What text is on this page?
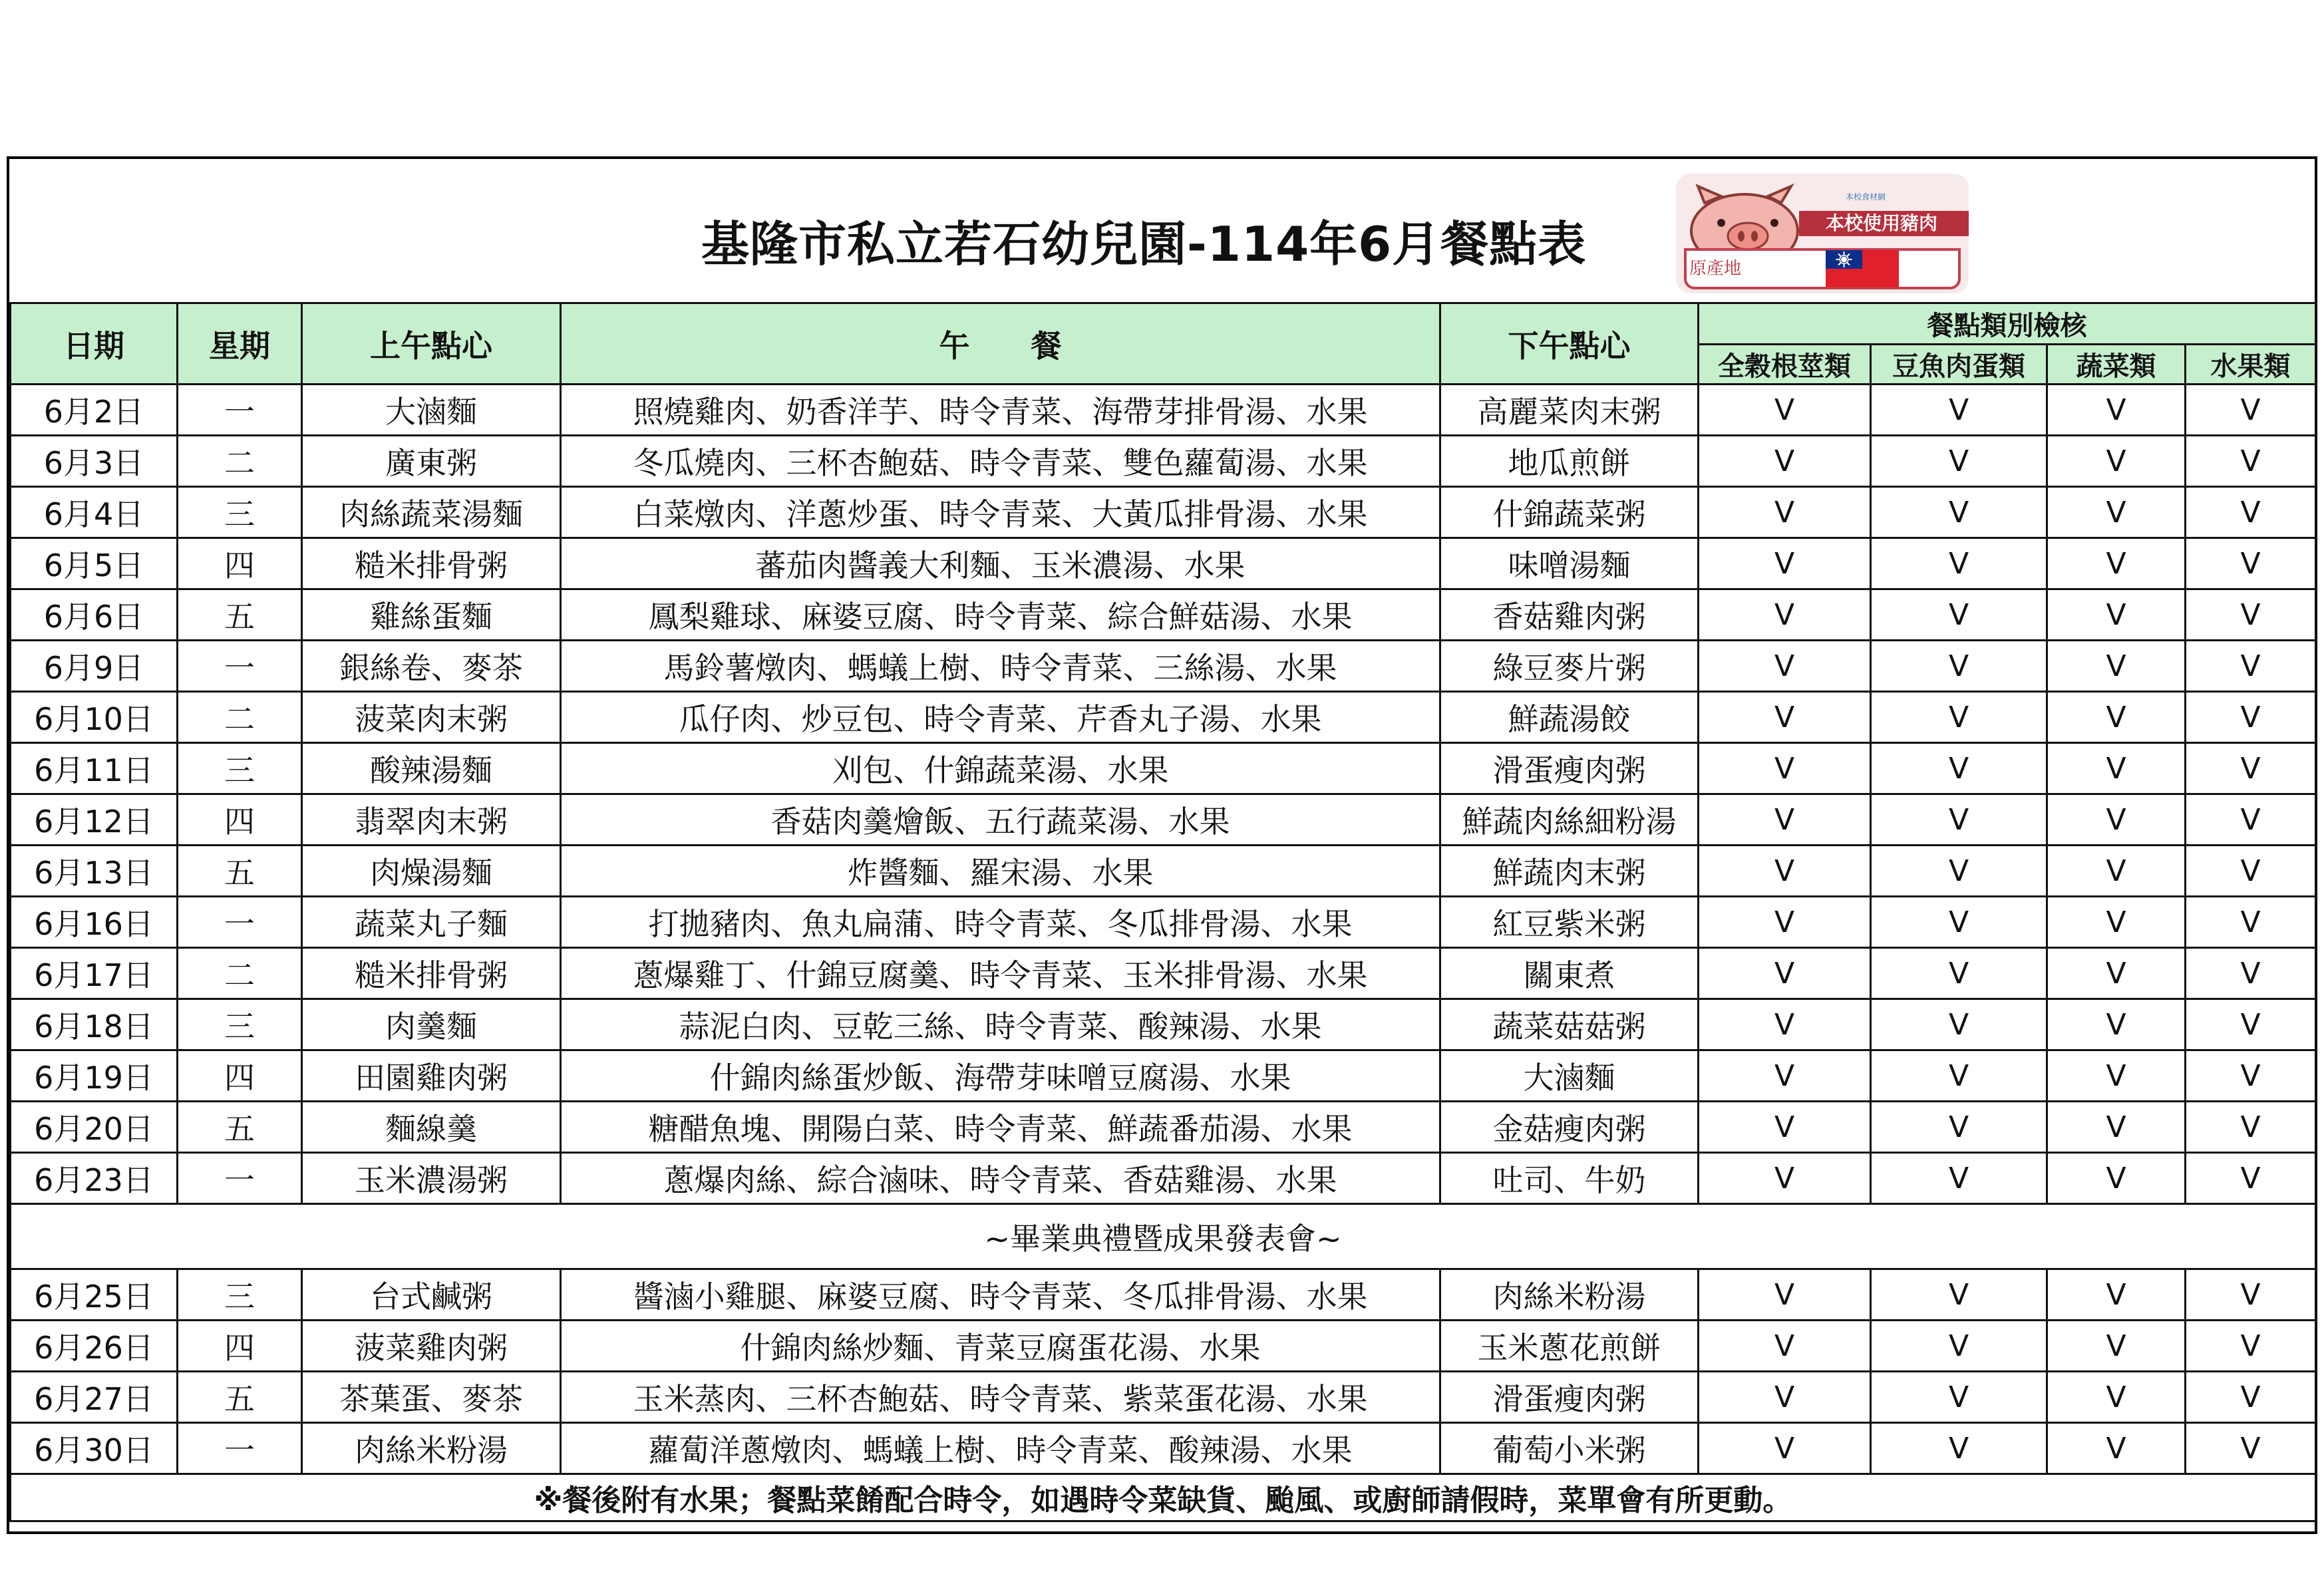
基隆市私立若石幼兒園-114年6月餐點表
本校食材網
本校使用豬肉
原產地
日期	星期	上午點心	午　　餐	下午點心	餐點類別檢核			
					全穀根莖類	豆魚肉蛋類	蔬菜類	水果類
6月2日	一	大滷麵	照燒雞肉、奶香洋芋、時令青菜、海帶芽排骨湯、水果	高麗菜肉末粥	V	V	V	V
6月3日	二	廣東粥	冬瓜燒肉、三杯杏鮑菇、時令青菜、雙色蘿蔔湯、水果	地瓜煎餅	V	V	V	V
6月4日	三	肉絲蔬菜湯麵	白菜燉肉、洋蔥炒蛋、時令青菜、大黃瓜排骨湯、水果	什錦蔬菜粥	V	V	V	V
6月5日	四	糙米排骨粥	蕃茄肉醬義大利麵、玉米濃湯、水果	味噌湯麵	V	V	V	V
6月6日	五	雞絲蛋麵	鳳梨雞球、麻婆豆腐、時令青菜、綜合鮮菇湯、水果	香菇雞肉粥	V	V	V	V
6月9日	一	銀絲卷、麥茶	馬鈴薯燉肉、螞蟻上樹、時令青菜、三絲湯、水果	綠豆麥片粥	V	V	V	V
6月10日	二	菠菜肉末粥	瓜仔肉、炒豆包、時令青菜、芹香丸子湯、水果	鮮蔬湯餃	V	V	V	V
6月11日	三	酸辣湯麵	刈包、什錦蔬菜湯、水果	滑蛋瘦肉粥	V	V	V	V
6月12日	四	翡翠肉末粥	香菇肉羹燴飯、五行蔬菜湯、水果	鮮蔬肉絲細粉湯	V	V	V	V
6月13日	五	肉燥湯麵	炸醬麵、羅宋湯、水果	鮮蔬肉末粥	V	V	V	V
6月16日	一	蔬菜丸子麵	打拋豬肉、魚丸扁蒲、時令青菜、冬瓜排骨湯、水果	紅豆紫米粥	V	V	V	V
6月17日	二	糙米排骨粥	蔥爆雞丁、什錦豆腐羹、時令青菜、玉米排骨湯、水果	關東煮	V	V	V	V
6月18日	三	肉羹麵	蒜泥白肉、豆乾三絲、時令青菜、酸辣湯、水果	蔬菜菇菇粥	V	V	V	V
6月19日	四	田園雞肉粥	什錦肉絲蛋炒飯、海帶芽味噌豆腐湯、水果	大滷麵	V	V	V	V
6月20日	五	麵線羹	糖醋魚塊、開陽白菜、時令青菜、鮮蔬番茄湯、水果	金菇瘦肉粥	V	V	V	V
6月23日	一	玉米濃湯粥	蔥爆肉絲、綜合滷味、時令青菜、香菇雞湯、水果	吐司、牛奶	V	V	V	V
~畢業典禮暨成果發表會~								
6月25日	三	台式鹹粥	醬滷小雞腿、麻婆豆腐、時令青菜、冬瓜排骨湯、水果	肉絲米粉湯	V	V	V	V
6月26日	四	菠菜雞肉粥	什錦肉絲炒麵、青菜豆腐蛋花湯、水果	玉米蔥花煎餅	V	V	V	V
6月27日	五	茶葉蛋、麥茶	玉米蒸肉、三杯杏鮑菇、時令青菜、紫菜蛋花湯、水果	滑蛋瘦肉粥	V	V	V	V
6月30日	一	肉絲米粉湯	蘿蔔洋蔥燉肉、螞蟻上樹、時令青菜、酸辣湯、水果	葡萄小米粥	V	V	V	V
※餐後附有水果；餐點菜餚配合時令，如遇時令菜缺貨、颱風、或廚師請假時，菜單會有所更動。								
